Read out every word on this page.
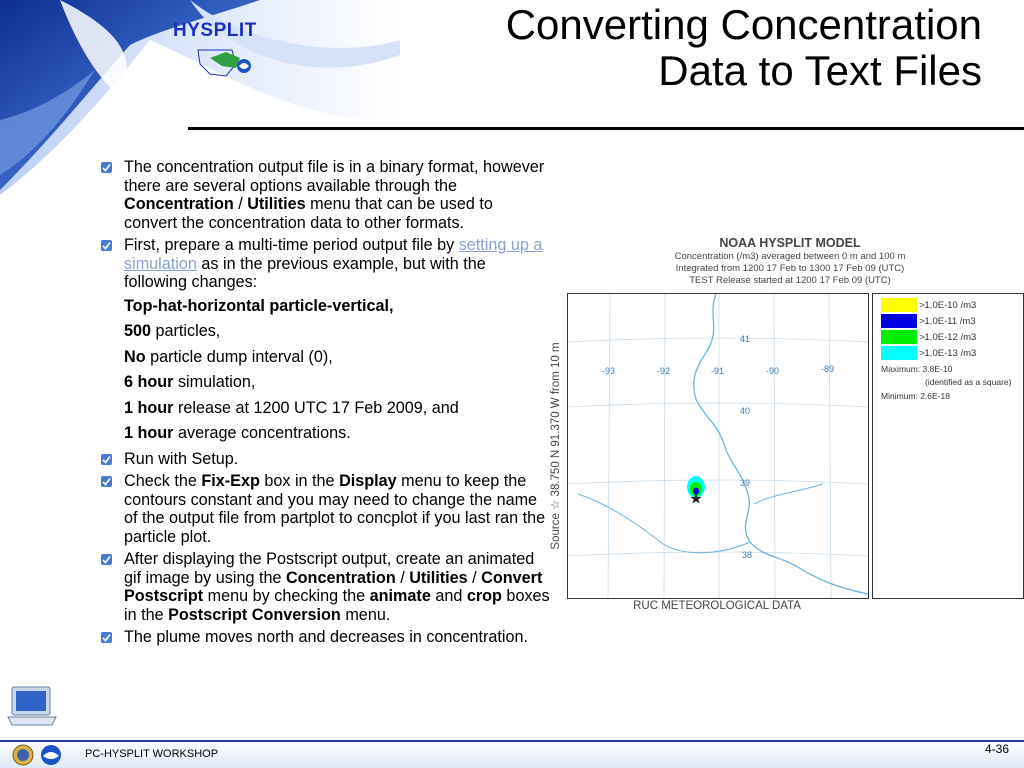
HYSPLIT	Converting Concentration
Data to Text Files
The concentration output file is in a binary format, however there are several options available through the Concentration / Utilities menu that can be used to convert the concentration data to other formats.
First, prepare a multi-time period output file by setting up a simulation as in the previous example, but with the following changes:
Top-hat-horizontal particle-vertical,
500 particles,
No particle dump interval (0),
6 hour simulation,
1 hour release at 1200 UTC 17 Feb 2009, and
1 hour average concentrations.
Run with Setup.
Check the Fix-Exp box in the Display menu to keep the contours constant and you may need to change the name of the output file from partplot to concplot if you last ran the particle plot.
After displaying the Postscript output, create an animated gif image by using the Concentration / Utilities / Convert Postscript menu by checking the animate and crop boxes in the Postscript Conversion menu.
The plume moves north and decreases in concentration.
NOAA HYSPLIT MODEL
Concentration (/m3) averaged between 0 m and 100 m
Integrated from 1200 17 Feb to 1300 17 Feb 09 (UTC)
TEST Release started at 1200 17 Feb 09 (UTC)
Source ☆ 38.750 N 91.370 W from 10 m
41
40
39
38
-93	-92	-91	-90	-89
RUC METEOROLOGICAL DATA
>1.0E-10 /m3
>1.0E-11 /m3
>1.0E-12 /m3
>1.0E-13 /m3
Maximum: 3.8E-10
(identified as a square)
Minimum: 2.6E-18
PC-HYSPLIT WORKSHOP	4-36
